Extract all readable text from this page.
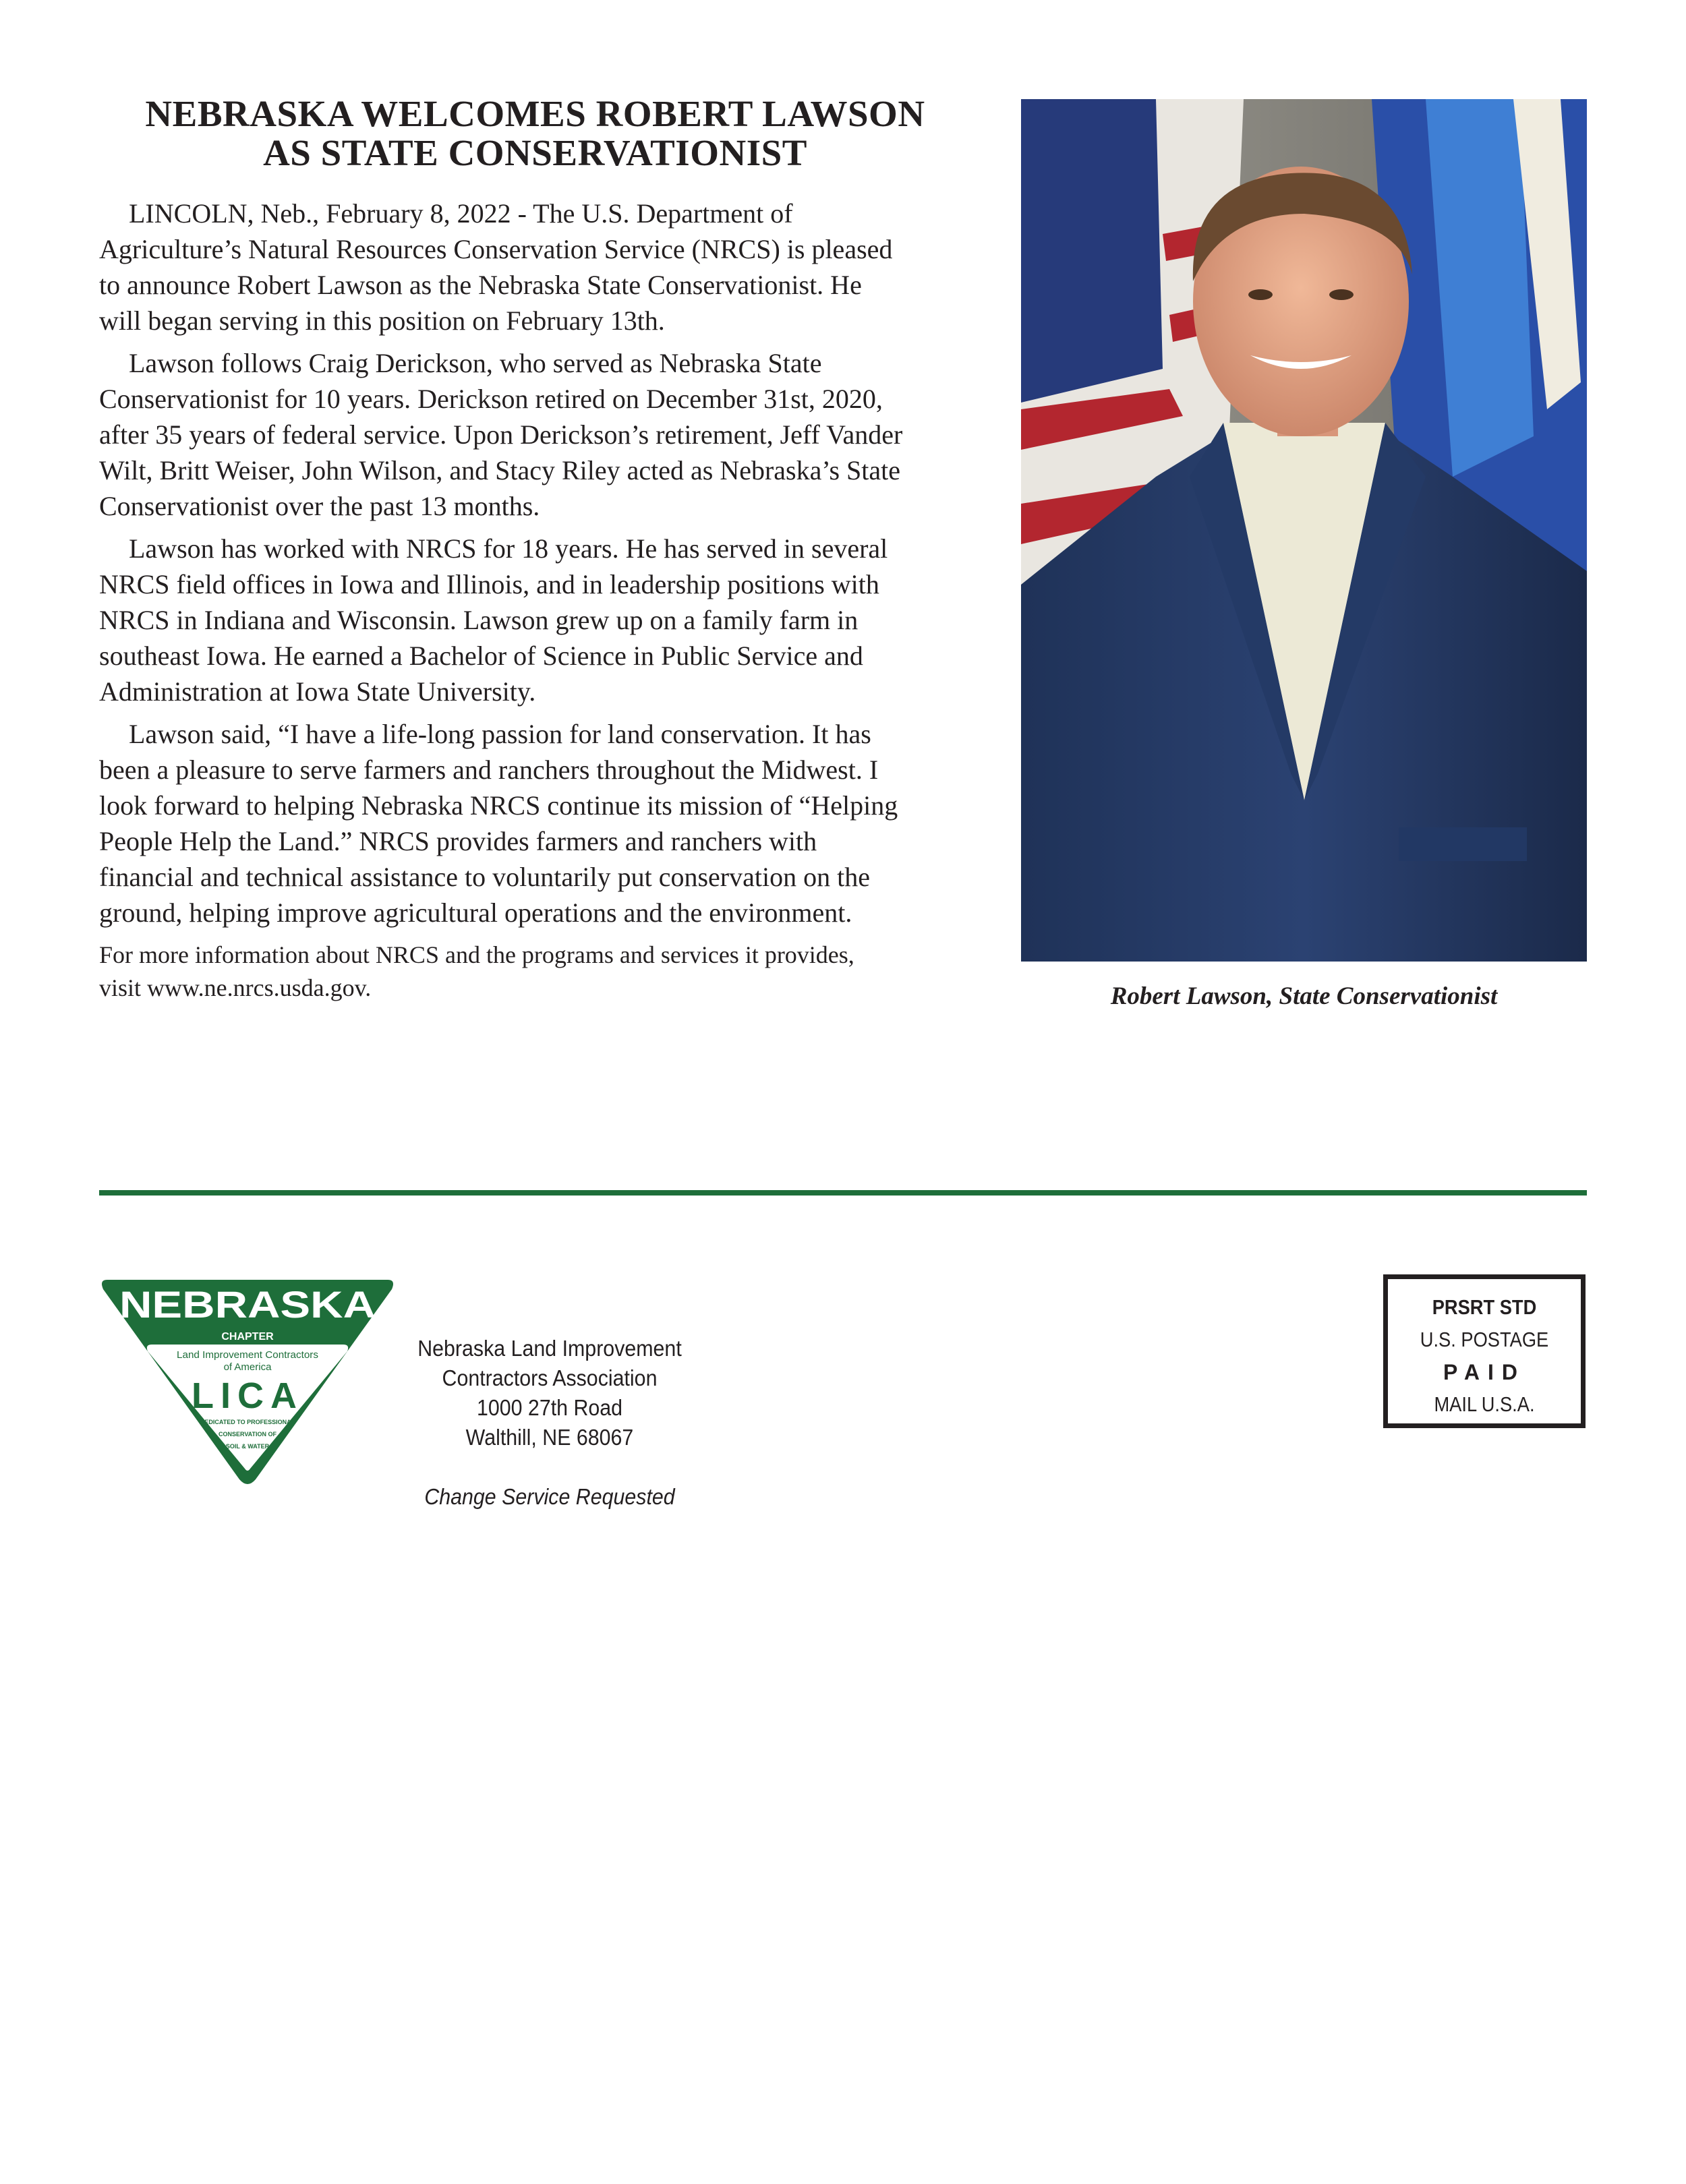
NEBRASKA WELCOMES ROBERT LAWSON
AS STATE CONSERVATIONIST
LINCOLN, Neb., February 8, 2022 - The U.S. Department of
Agriculture’s Natural Resources Conservation Service (NRCS) is pleased
to announce Robert Lawson as the Nebraska State Conservationist. He
will began serving in this position on February 13th.
Lawson follows Craig Derickson, who served as Nebraska State
Conservationist for 10 years. Derickson retired on December 31st, 2020,
after 35 years of federal service. Upon Derickson’s retirement, Jeff Vander
Wilt, Britt Weiser, John Wilson, and Stacy Riley acted as Nebraska’s State
Conservationist over the past 13 months.
Lawson has worked with NRCS for 18 years. He has served in several
NRCS field offices in Iowa and Illinois, and in leadership positions with
NRCS in Indiana and Wisconsin. Lawson grew up on a family farm in
southeast Iowa. He earned a Bachelor of Science in Public Service and
Administration at Iowa State University.
Lawson said, “I have a life-long passion for land conservation. It has
been a pleasure to serve farmers and ranchers throughout the Midwest. I
look forward to helping Nebraska NRCS continue its mission of “Helping
People Help the Land.” NRCS provides farmers and ranchers with
financial and technical assistance to voluntarily put conservation on the
ground, helping improve agricultural operations and the environment.
For more information about NRCS and the programs and services it provides,
visit www.ne.nrcs.usda.gov.	Robert Lawson, State Conservationist
NEBRASKA
CHAPTER
Land Improvement Contractors
of America
LICA
DEDICATED TO PROFESSIONAL
CONSERVATION OF
SOIL & WATER
Nebraska Land Improvement
Contractors Association
1000 27th Road
Walthill, NE 68067
Change Service Requested
PRSRT STD
U.S. POSTAGE
PAID
MAIL U.S.A.
